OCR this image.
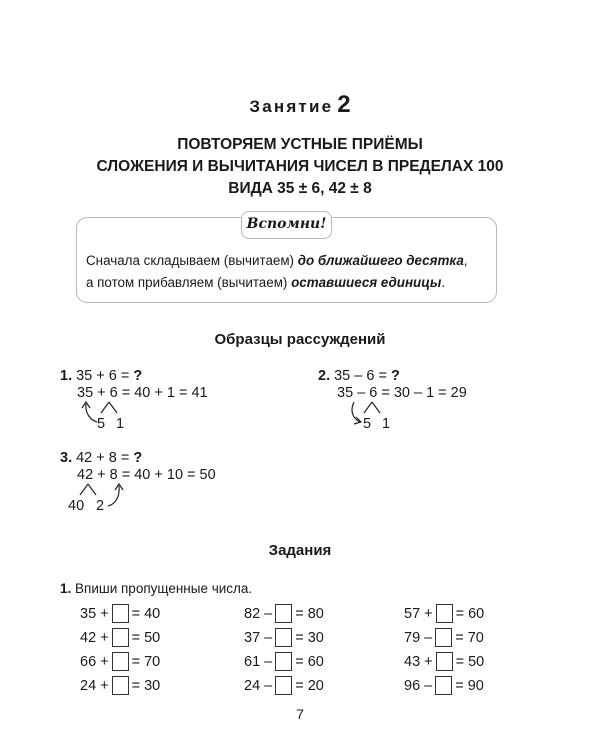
Занятие 2
ПОВТОРЯЕМ УСТНЫЕ ПРИЁМЫ
СЛОЖЕНИЯ И ВЫЧИТАНИЯ ЧИСЕЛ В ПРЕДЕЛАХ 100
ВИДА 35 ± 6, 42 ± 8
Вспомни!
Сначала складываем (вычитаем) до ближайшего десятка,
а потом прибавляем (вычитаем) оставшиеся единицы.
Образцы рассуждений
1. 35 + 6 = ?
35 + 6 = 40 + 1 = 41
5 1
2. 35 – 6 = ?
35 – 6 = 30 – 1 = 29
5 1
3. 42 + 8 = ?
42 + 8 = 40 + 10 = 50
40 2
Задания
1. Впиши пропущенные числа.
35 + = 40
42 + = 50
66 + = 70
24 + = 30
82 – = 80
37 – = 30
61 – = 60
24 – = 20
57 + = 60
79 – = 70
43 + = 50
96 – = 90
7
